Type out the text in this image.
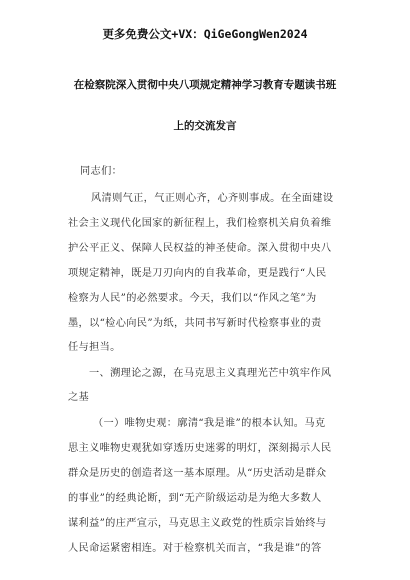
更多免费公文+VX：QiGeGongWen2024
在检察院深入贯彻中央八项规定精神学习教育专题读书班
上的交流发言
同志们：
风清则气正，气正则心齐，心齐则事成。在全面建设
社会主义现代化国家的新征程上，我们检察机关肩负着维
护公平正义、保障人民权益的神圣使命。深入贯彻中央八
项规定精神，既是刀刃向内的自我革命，更是践行“人民
检察为人民”的必然要求。今天，我们以“作风之笔”为
墨，以“检心向民”为纸，共同书写新时代检察事业的责
任与担当。
一、溯理论之源，在马克思主义真理光芒中筑牢作风
之基
（一）唯物史观：廓清“我是谁”的根本认知。马克
思主义唯物史观犹如穿透历史迷雾的明灯，深刻揭示人民
群众是历史的创造者这一基本原理。从“历史活动是群众
的事业”的经典论断，到“无产阶级运动是为绝大多数人
谋利益”的庄严宣示，马克思主义政党的性质宗旨始终与
人民命运紧密相连。对于检察机关而言，“我是谁”的答
